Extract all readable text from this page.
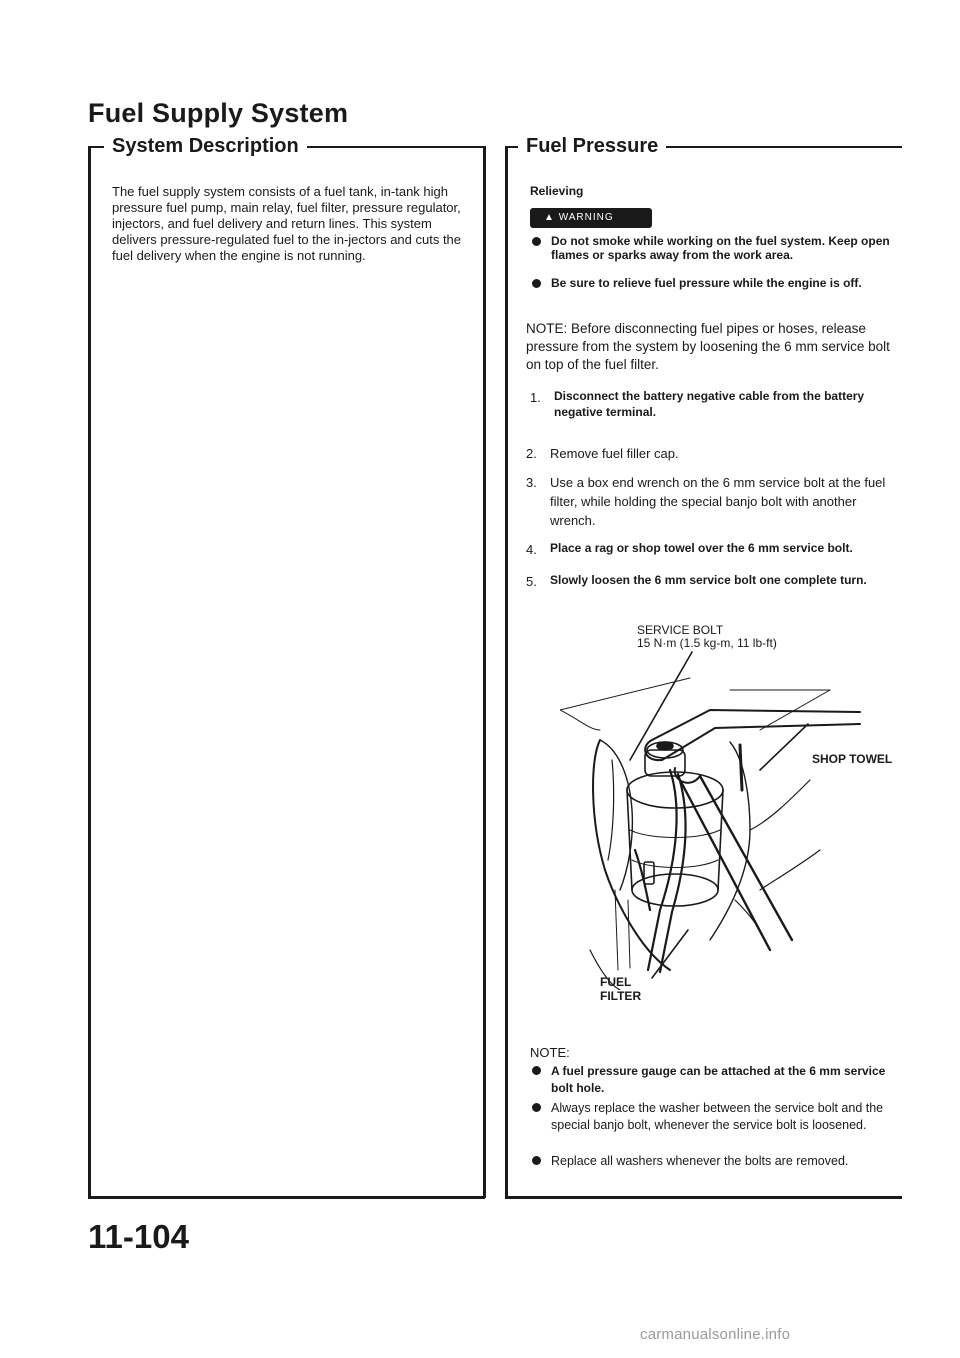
Fuel Supply System
System Description
The fuel supply system consists of a fuel tank, in-tank high pressure fuel pump, main relay, fuel filter, pressure regulator, injectors, and fuel delivery and return lines. This system delivers pressure-regulated fuel to the in-jectors and cuts the fuel delivery when the engine is not running.
Fuel Pressure
Relieving
▲ WARNING
Do not smoke while working on the fuel system. Keep open flames or sparks away from the work area.
Be sure to relieve fuel pressure while the engine is off.
NOTE: Before disconnecting fuel pipes or hoses, release pressure from the system by loosening the 6 mm service bolt on top of the fuel filter.
1.	Disconnect the battery negative cable from the battery negative terminal.
2.	Remove fuel filler cap.
3.	Use a box end wrench on the 6 mm service bolt at the fuel filter, while holding the special banjo bolt with another wrench.
4.	Place a rag or shop towel over the 6 mm service bolt.
5.	Slowly loosen the 6 mm service bolt one complete turn.
SERVICE BOLT
15 N·m (1.5 kg-m, 11 lb-ft)
SHOP TOWEL
FUEL FILTER
NOTE:
A fuel pressure gauge can be attached at the 6 mm service bolt hole.
Always replace the washer between the service bolt and the special banjo bolt, whenever the service bolt is loosened.
Replace all washers whenever the bolts are removed.
11-104
carmanualsonline.info
